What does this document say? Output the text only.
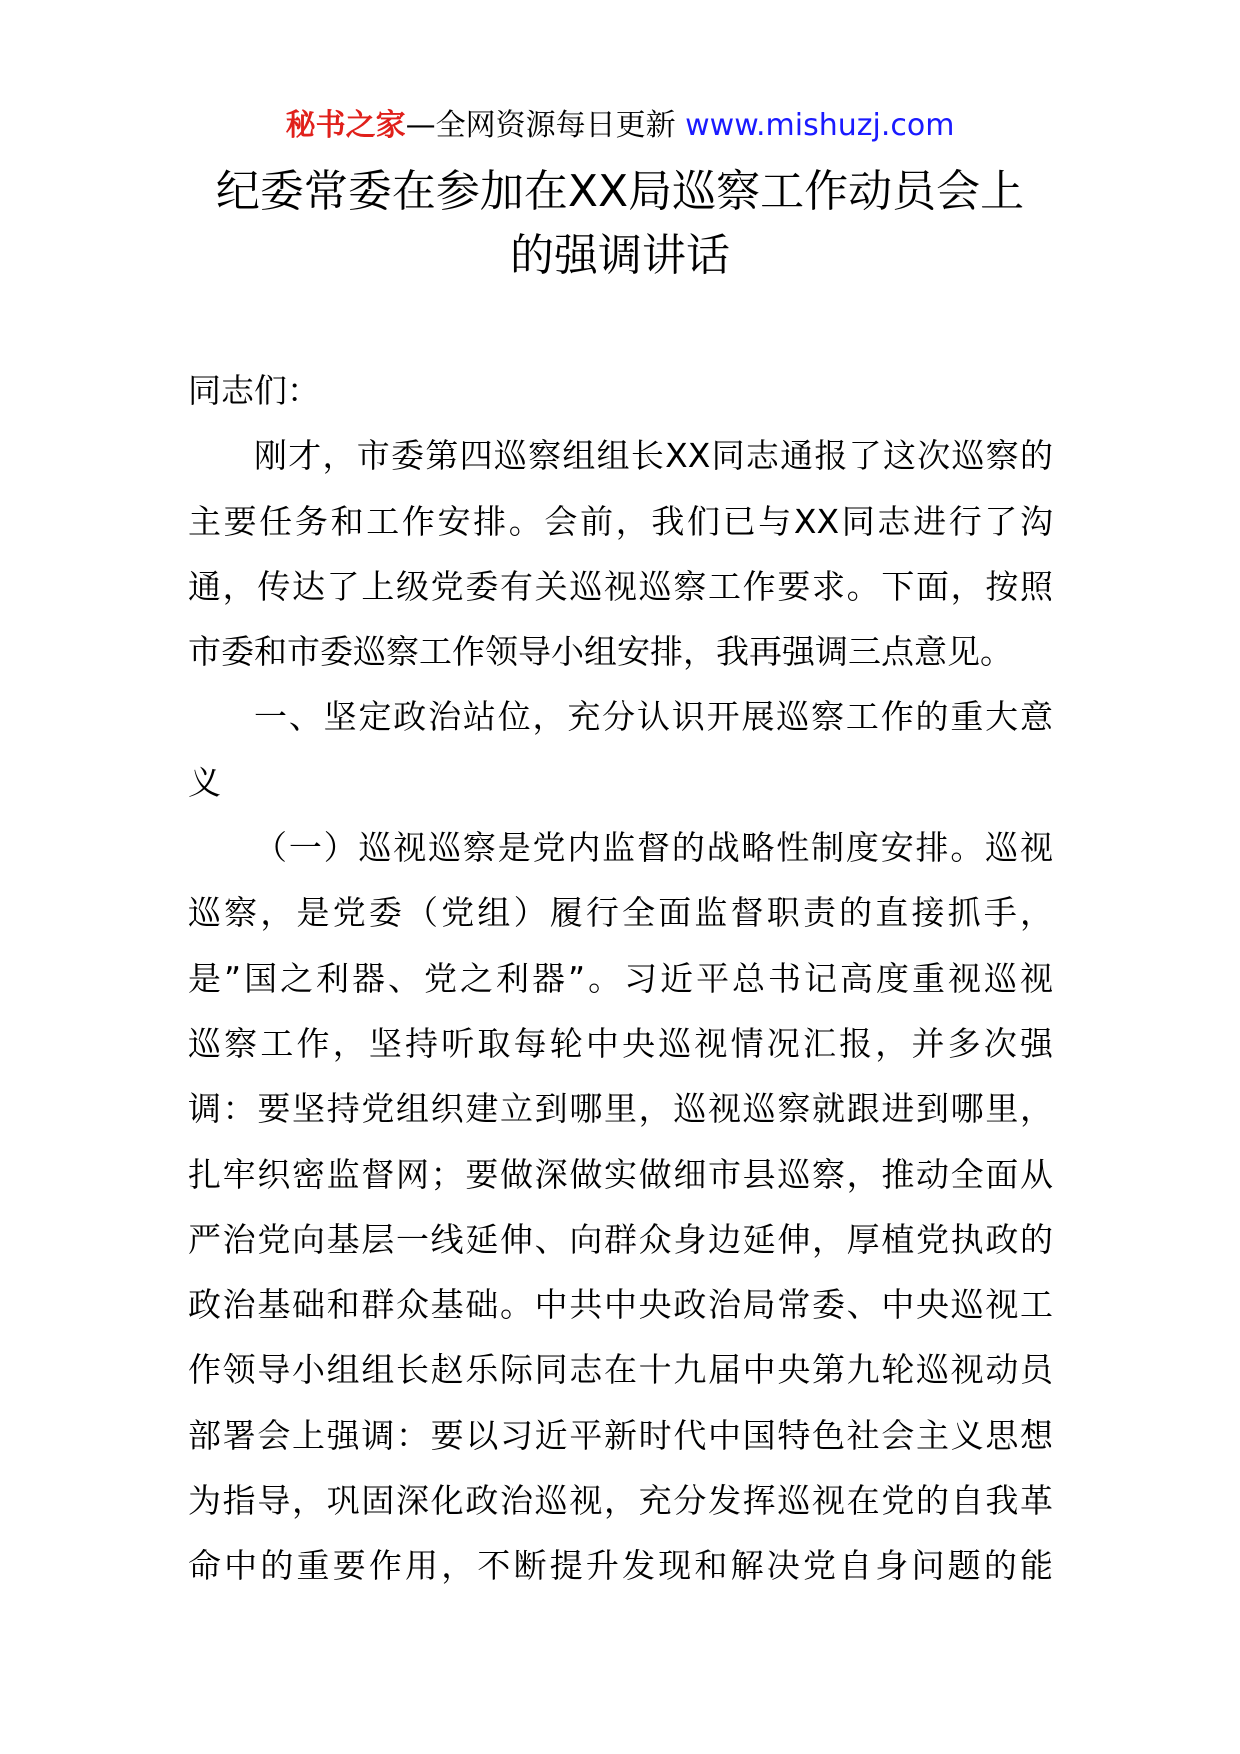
秘书之家—全网资源每日更新 www.mishuzj.com
纪委常委在参加在XX局巡察工作动员会上
的强调讲话
同志们：
刚才，市委第四巡察组组长XX同志通报了这次巡察的
主要任务和工作安排。会前，我们已与XX同志进行了沟
通，传达了上级党委有关巡视巡察工作要求。下面，按照
市委和市委巡察工作领导小组安排，我再强调三点意见。
一、坚定政治站位，充分认识开展巡察工作的重大意
义
（一）巡视巡察是党内监督的战略性制度安排。巡视
巡察，是党委（党组）履行全面监督职责的直接抓手，
是”国之利器、党之利器”。习近平总书记高度重视巡视
巡察工作，坚持听取每轮中央巡视情况汇报，并多次强
调：要坚持党组织建立到哪里，巡视巡察就跟进到哪里，
扎牢织密监督网；要做深做实做细市县巡察，推动全面从
严治党向基层一线延伸、向群众身边延伸，厚植党执政的
政治基础和群众基础。中共中央政治局常委、中央巡视工
作领导小组组长赵乐际同志在十九届中央第九轮巡视动员
部署会上强调：要以习近平新时代中国特色社会主义思想
为指导，巩固深化政治巡视，充分发挥巡视在党的自我革
命中的重要作用，不断提升发现和解决党自身问题的能
